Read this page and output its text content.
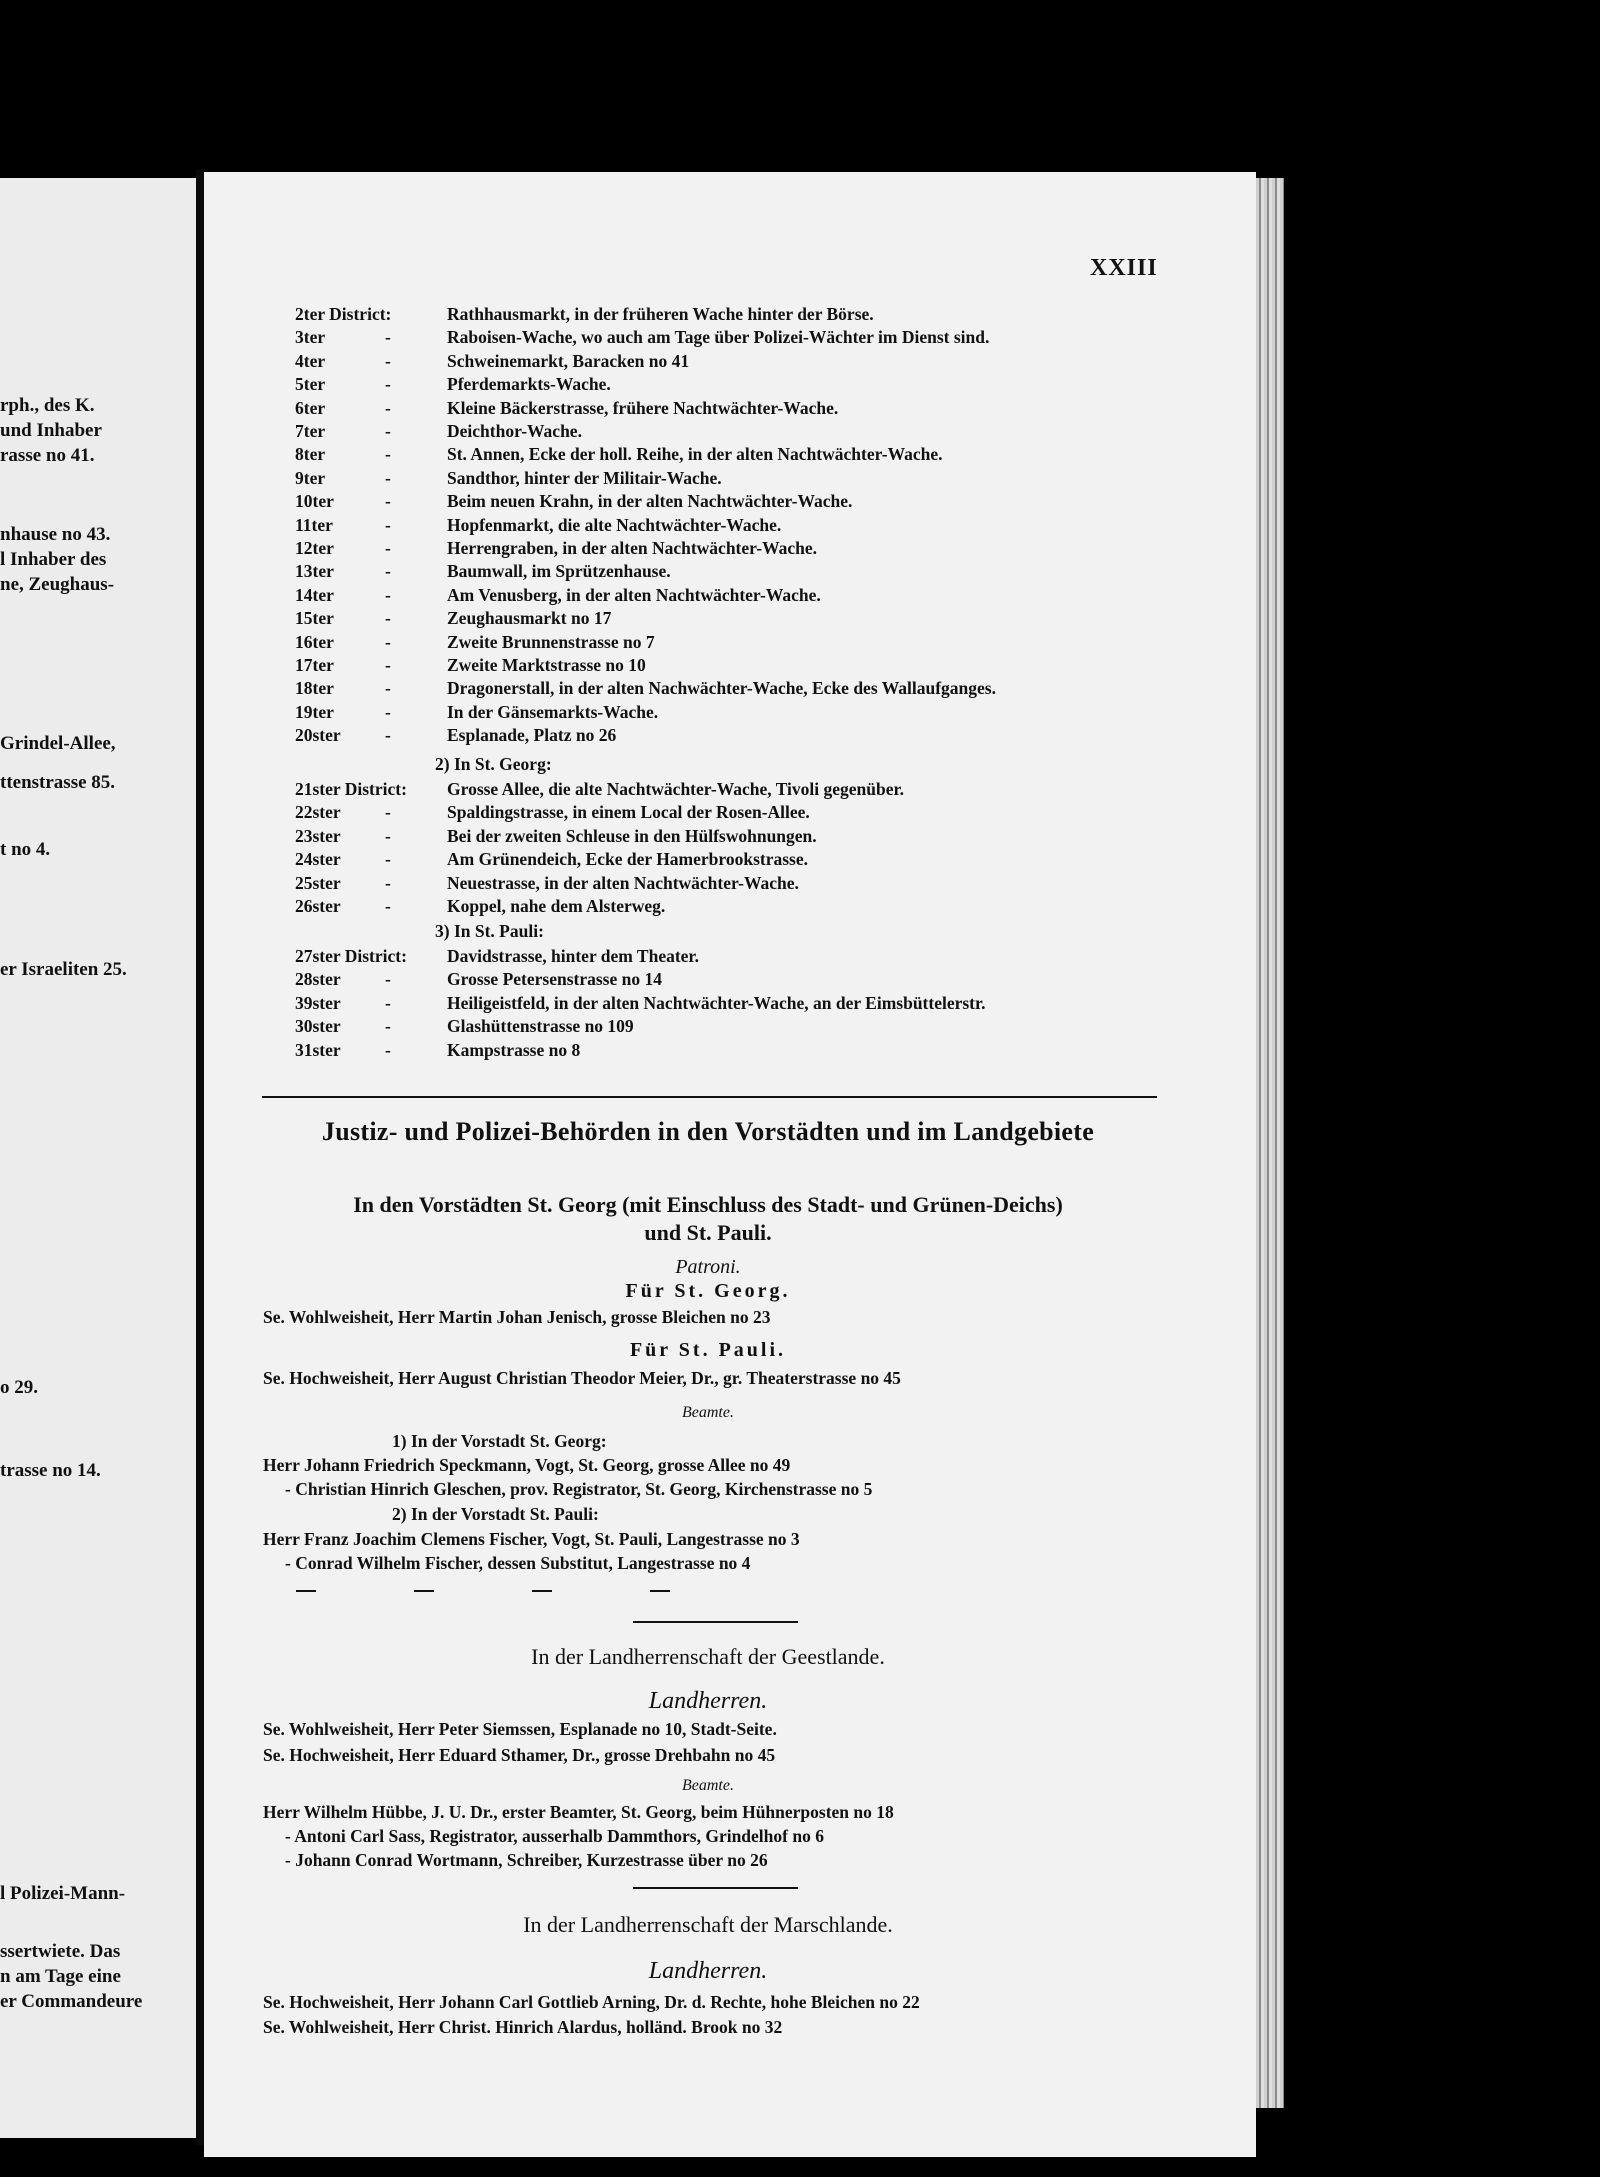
rph., des K.
und Inhaber
rasse no 41.
nhause no 43.
l Inhaber des
ne, Zeughaus-
Grindel-Allee,
ttenstrasse 85.
t no 4.
er Israeliten 25.
o 29.
trasse no 14.
l Polizei-Mann-
ssertwiete. Das
n am Tage eine
er Commandeure
XXIII
2ter District:	Rathhausmarkt, in der früheren Wache hinter der Börse.
3ter	-	Raboisen-Wache, wo auch am Tage über Polizei-Wächter im Dienst sind.
4ter	-	Schweinemarkt, Baracken no 41
5ter	-	Pferdemarkts-Wache.
6ter	-	Kleine Bäckerstrasse, frühere Nachtwächter-Wache.
7ter	-	Deichthor-Wache.
8ter	-	St. Annen, Ecke der holl. Reihe, in der alten Nachtwächter-Wache.
9ter	-	Sandthor, hinter der Militair-Wache.
10ter	-	Beim neuen Krahn, in der alten Nachtwächter-Wache.
11ter	-	Hopfenmarkt, die alte Nachtwächter-Wache.
12ter	-	Herrengraben, in der alten Nachtwächter-Wache.
13ter	-	Baumwall, im Sprützenhause.
14ter	-	Am Venusberg, in der alten Nachtwächter-Wache.
15ter	-	Zeughausmarkt no 17
16ter	-	Zweite Brunnenstrasse no 7
17ter	-	Zweite Marktstrasse no 10
18ter	-	Dragonerstall, in der alten Nachwächter-Wache, Ecke des Wallaufganges.
19ter	-	In der Gänsemarkts-Wache.
20ster	-	Esplanade, Platz no 26
2) In St. Georg:
21ster District: Grosse Allee, die alte Nachtwächter-Wache, Tivoli gegenüber.
22ster	-	Spaldingstrasse, in einem Local der Rosen-Allee.
23ster	-	Bei der zweiten Schleuse in den Hülfswohnungen.
24ster	-	Am Grünendeich, Ecke der Hamerbrookstrasse.
25ster	-	Neuestrasse, in der alten Nachtwächter-Wache.
26ster	-	Koppel, nahe dem Alsterweg.
3) In St. Pauli:
27ster District: Davidstrasse, hinter dem Theater.
28ster	-	Grosse Petersenstrasse no 14
39ster	-	Heiligeistfeld, in der alten Nachtwächter-Wache, an der Eimsbüttelerstr.
30ster	-	Glashüttenstrasse no 109
31ster	-	Kampstrasse no 8
Justiz- und Polizei-Behörden in den Vorstädten und im Landgebiete
In den Vorstädten St. Georg (mit Einschluss des Stadt- und Grünen-Deichs)
und St. Pauli.
Patroni.
Für St. Georg.
Se. Wohlweisheit, Herr Martin Johan Jenisch, grosse Bleichen no 23
Für St. Pauli.
Se. Hochweisheit, Herr August Christian Theodor Meier, Dr., gr. Theaterstrasse no 45
Beamte.
1) In der Vorstadt St. Georg:
Herr Johann Friedrich Speckmann, Vogt, St. Georg, grosse Allee no 49
- Christian Hinrich Gleschen, prov. Registrator, St. Georg, Kirchenstrasse no 5
2) In der Vorstadt St. Pauli:
Herr Franz Joachim Clemens Fischer, Vogt, St. Pauli, Langestrasse no 3
- Conrad Wilhelm Fischer, dessen Substitut, Langestrasse no 4
In der Landherrenschaft der Geestlande.
Landherren.
Se. Wohlweisheit, Herr Peter Siemssen, Esplanade no 10, Stadt-Seite.
Se. Hochweisheit, Herr Eduard Sthamer, Dr., grosse Drehbahn no 45
Beamte.
Herr Wilhelm Hübbe, J. U. Dr., erster Beamter, St. Georg, beim Hühnerposten no 18
- Antoni Carl Sass, Registrator, ausserhalb Dammthors, Grindelhof no 6
- Johann Conrad Wortmann, Schreiber, Kurzestrasse über no 26
In der Landherrenschaft der Marschlande.
Landherren.
Se. Hochweisheit, Herr Johann Carl Gottlieb Arning, Dr. d. Rechte, hohe Bleichen no 22
Se. Wohlweisheit, Herr Christ. Hinrich Alardus, holländ. Brook no 32
